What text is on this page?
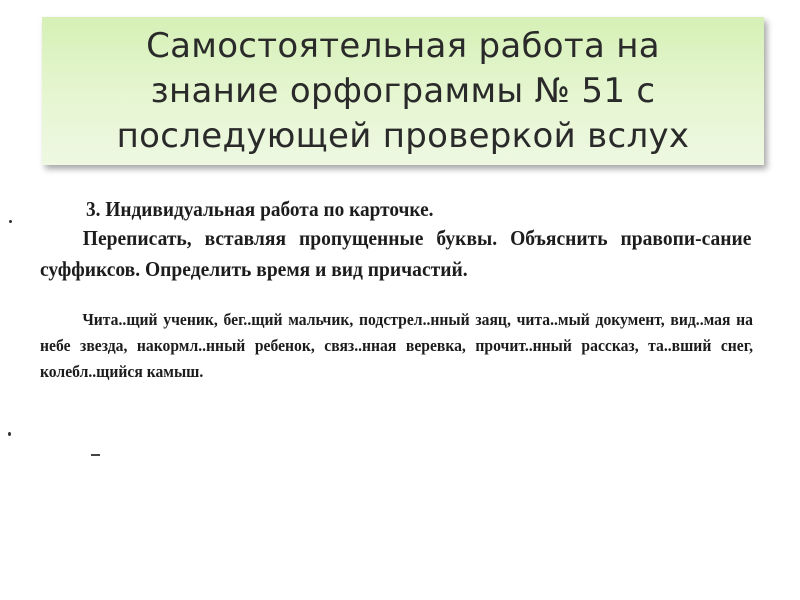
Самостоятельная работа на
знание орфограммы № 51 с
последующей проверкой вслух

3. Индивидуальная работа по карточке.

Переписать, вставляя пропущенные буквы. Объяснить правопи-сание суффиксов. Определить время и вид причастий.

Чита..щий ученик, бег..щий мальчик, подстрел..нный заяц, чита..мый документ, вид..мая на небе звезда, накормл..нный ребенок, связ..нная веревка, прочит..нный рассказ, та..вший снег, колебл..щийся камыш.
